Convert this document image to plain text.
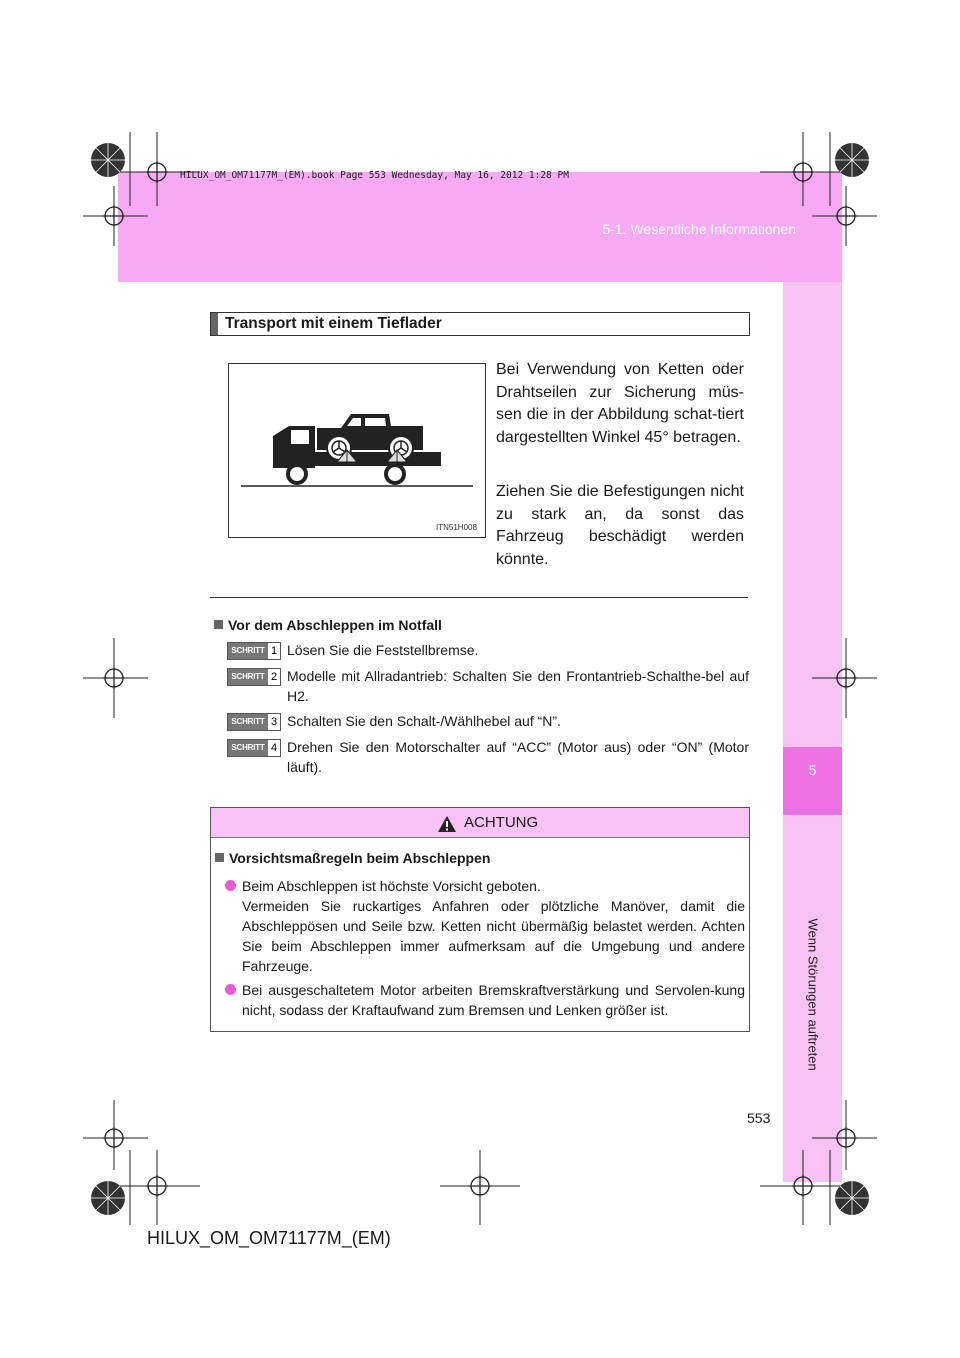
5
Wenn Störungen auftreten
HILUX_OM_OM71177M_(EM).book Page 553 Wednesday, May 16, 2012 1:28 PM
5-1. Wesentliche Informationen
Transport mit einem Tieflader
ITN51H008
Bei Verwendung von Ketten oder Drahtseilen zur Sicherung müs-sen die in der Abbildung schat-tiert dargestellten Winkel 45° betragen.
Ziehen Sie die Befestigungen nicht zu stark an, da sonst das Fahrzeug beschädigt werden könnte.
Vor dem Abschleppen im Notfall
SCHRITT 1 Lösen Sie die Feststellbremse.
SCHRITT 2 Modelle mit Allradantrieb: Schalten Sie den Frontantrieb-Schalthe-bel auf H2.
SCHRITT 3 Schalten Sie den Schalt-/Wählhebel auf “N”.
SCHRITT 4 Drehen Sie den Motorschalter auf “ACC” (Motor aus) oder “ON” (Motor läuft).
ACHTUNG
Vorsichtsmaßregeln beim Abschleppen
Beim Abschleppen ist höchste Vorsicht geboten.
Vermeiden Sie ruckartiges Anfahren oder plötzliche Manöver, damit die Abschleppösen und Seile bzw. Ketten nicht übermäßig belastet werden. Achten Sie beim Abschleppen immer aufmerksam auf die Umgebung und andere Fahrzeuge.
Bei ausgeschaltetem Motor arbeiten Bremskraftverstärkung und Servolen-kung nicht, sodass der Kraftaufwand zum Bremsen und Lenken größer ist.
553
HILUX_OM_OM71177M_(EM)
